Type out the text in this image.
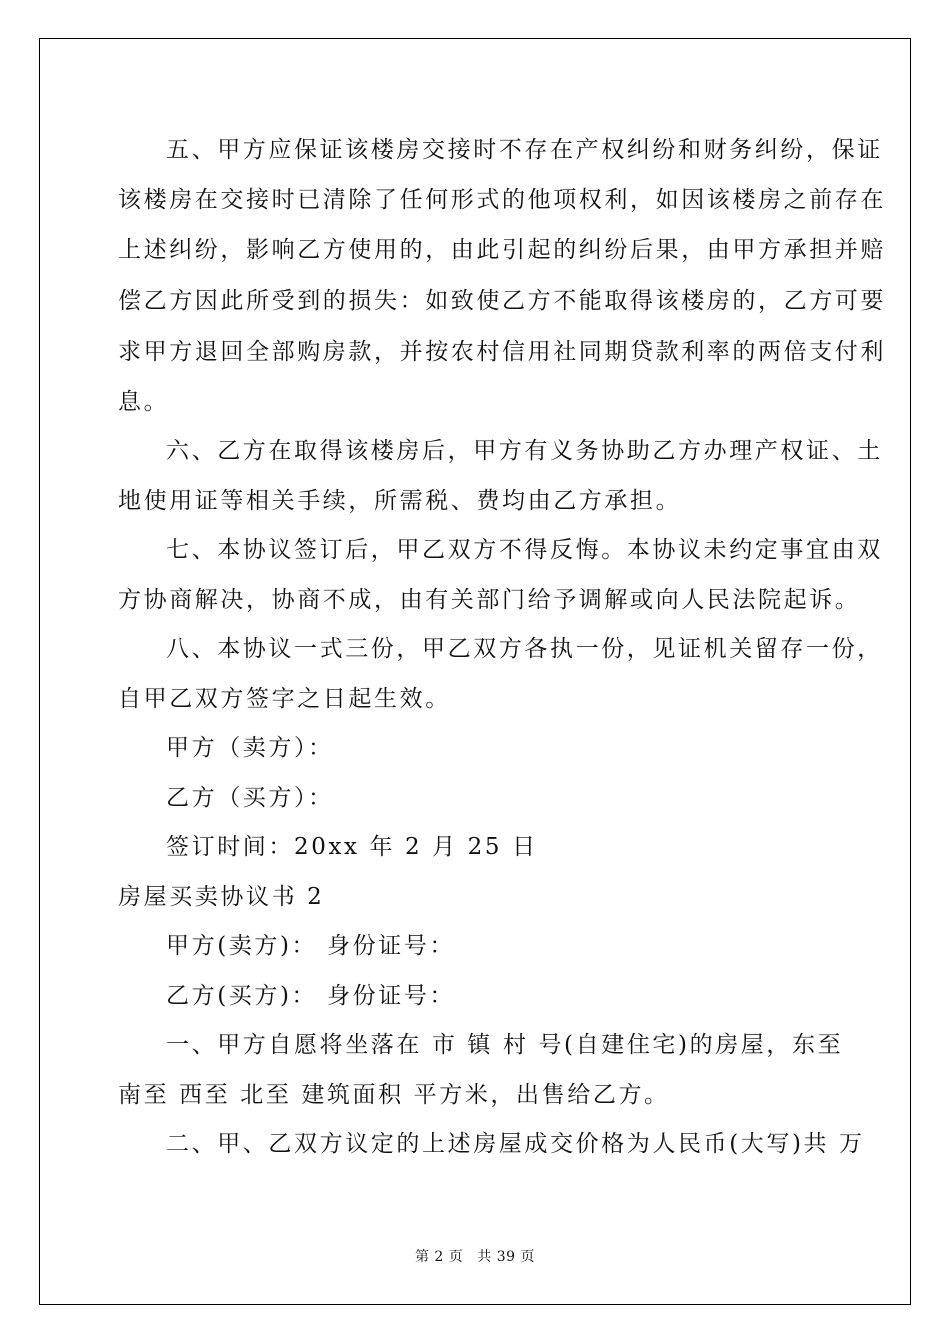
五、甲方应保证该楼房交接时不存在产权纠纷和财务纠纷，保证
该楼房在交接时已清除了任何形式的他项权利，如因该楼房之前存在
上述纠纷，影响乙方使用的，由此引起的纠纷后果，由甲方承担并赔
偿乙方因此所受到的损失：如致使乙方不能取得该楼房的，乙方可要
求甲方退回全部购房款，并按农村信用社同期贷款利率的两倍支付利
息。
六、乙方在取得该楼房后，甲方有义务协助乙方办理产权证、土
地使用证等相关手续，所需税、费均由乙方承担。
七、本协议签订后，甲乙双方不得反悔。本协议未约定事宜由双
方协商解决，协商不成，由有关部门给予调解或向人民法院起诉。
八、本协议一式三份，甲乙双方各执一份，见证机关留存一份，
自甲乙双方签字之日起生效。
甲方（卖方）：
乙方（买方）：
签订时间：20xx 年 2 月 25 日
房屋买卖协议书 2
甲方(卖方)： 身份证号：
乙方(买方)： 身份证号：
一、甲方自愿将坐落在 市 镇 村 号(自建住宅)的房屋，东至
南至 西至 北至 建筑面积 平方米，出售给乙方。
二、甲、乙双方议定的上述房屋成交价格为人民币(大写)共 万
第 2 页 共 39 页
